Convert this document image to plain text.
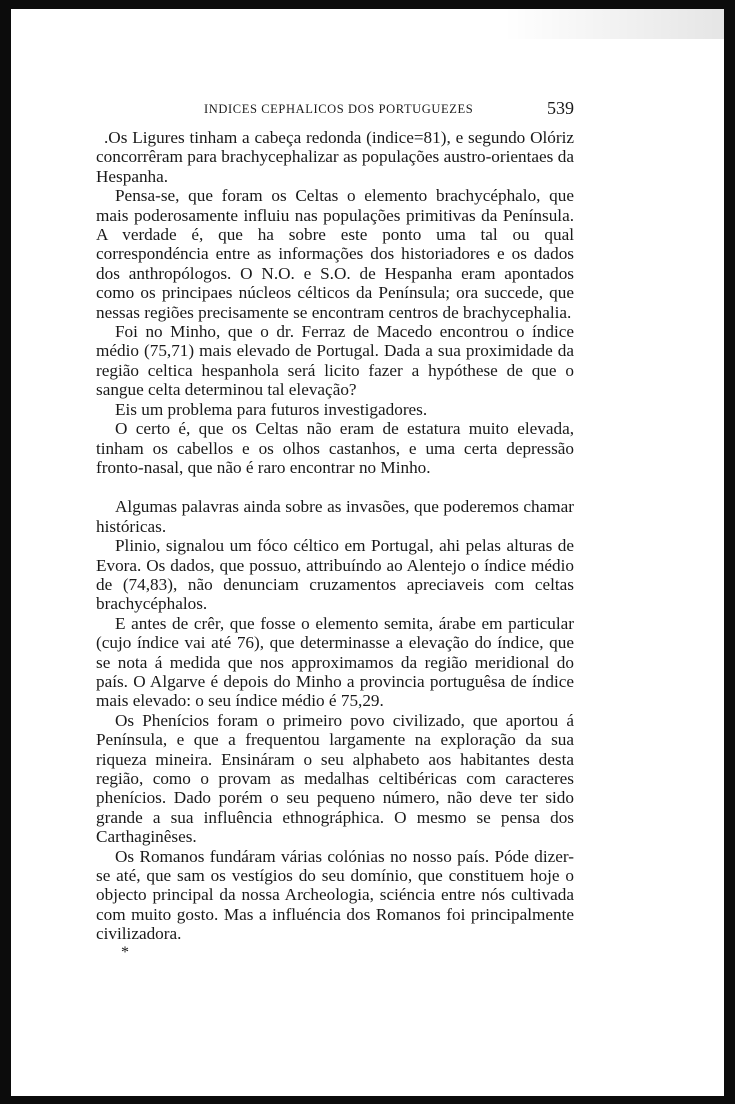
INDICES CEPHALICOS DOS PORTUGUEZES	539

.Os Ligures tinham a cabeça redonda (indice=81), e segundo Olóriz concorrêram para brachycephalizar as populações austro-orientaes da Hespanha.

Pensa-se, que foram os Celtas o elemento brachycéphalo, que mais poderosamente influiu nas populações primitivas da Península. A verdade é, que ha sobre este ponto uma tal ou qual correspondéncia entre as informações dos historiadores e os dados dos anthropólogos. O N.O. e S.O. de Hespanha eram apontados como os principaes núcleos célticos da Península; ora succede, que nessas regiões precisamente se encontram centros de brachycephalia.

Foi no Minho, que o dr. Ferraz de Macedo encontrou o índice médio (75,71) mais elevado de Portugal. Dada a sua proximidade da região celtica hespanhola será licito fazer a hypóthese de que o sangue celta determinou tal elevação?

Eis um problema para futuros investigadores.

O certo é, que os Celtas não eram de estatura muito elevada, tinham os cabellos e os olhos castanhos, e uma certa depressão fronto-nasal, que não é raro encontrar no Minho.

Algumas palavras ainda sobre as invasões, que poderemos chamar históricas.

Plinio, signalou um fóco céltico em Portugal, ahi pelas alturas de Evora. Os dados, que possuo, attribuíndo ao Alentejo o índice médio de (74,83), não denunciam cruzamentos apreciaveis com celtas brachycéphalos.

E antes de crêr, que fosse o elemento semita, árabe em particular (cujo índice vai até 76), que determinasse a elevação do índice, que se nota á medida que nos approximamos da região meridional do país. O Algarve é depois do Minho a provincia portuguêsa de índice mais elevado: o seu índice médio é 75,29.

Os Phenícios foram o primeiro povo civilizado, que aportou á Península, e que a frequentou largamente na exploração da sua riqueza mineira. Ensináram o seu alphabeto aos habitantes desta região, como o provam as medalhas celtibéricas com caracteres phenícios. Dado porém o seu pequeno número, não deve ter sido grande a sua influência ethnográphica. O mesmo se pensa dos Carthaginêses.

Os Romanos fundáram várias colónias no nosso país. Póde dizer-se até, que sam os vestígios do seu domínio, que constituem hoje o objecto principal da nossa Archeologia, sciéncia entre nós cultivada com muito gosto. Mas a influéncia dos Romanos foi principalmente civilizadora.

*
